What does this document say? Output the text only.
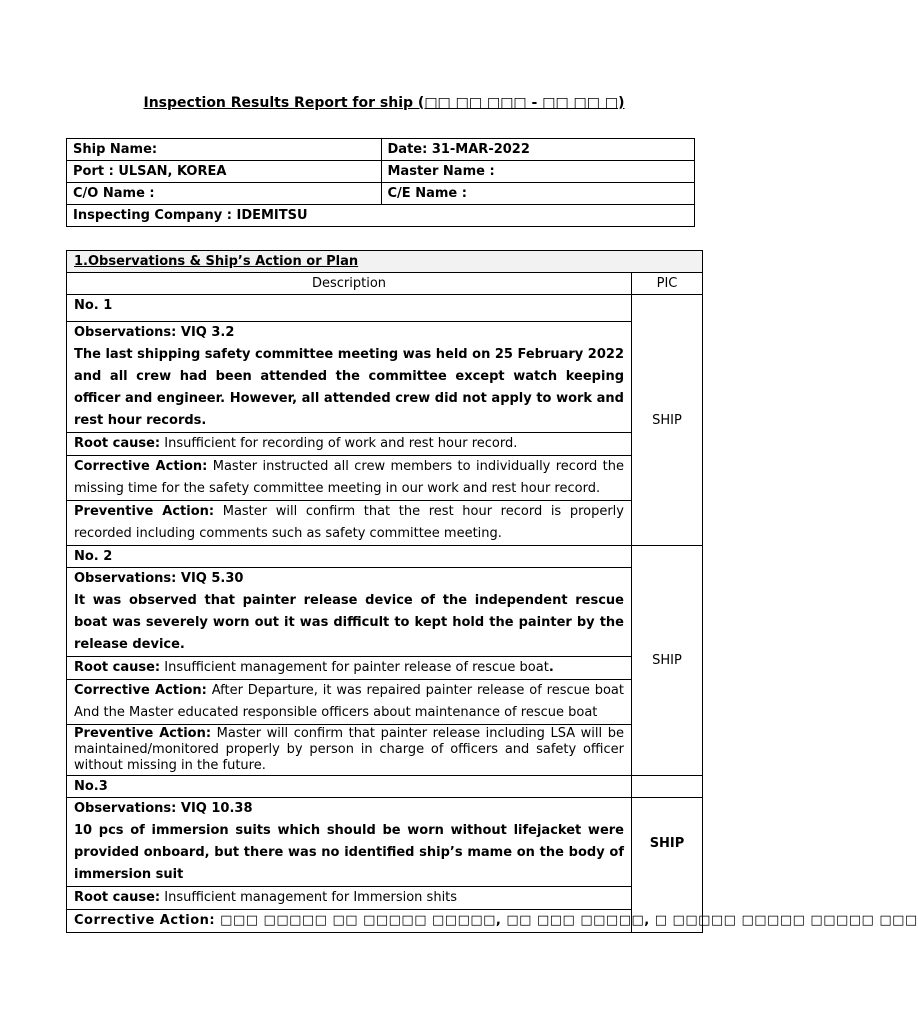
Inspection Results Report for ship (□□ □□ □□□ - □□ □□ □)
Ship Name:	Date: 31-MAR-2022
Port : ULSAN, KOREA	Master Name :
C/O Name :	C/E Name :
Inspecting Company : IDEMITSU	
1.Observations & Ship’s Action or Plan	
Description	PIC
No. 1	SHIP

Observations: VIQ 3.2
The last shipping safety committee meeting was held on 25 February 2022 and all crew had been attended the committee except watch keeping officer and engineer. However, all attended crew did not apply to work and rest hour records.	

Root cause: Insufficient for recording of work and rest hour record.	
Corrective Action: Master instructed all crew members to individually record the missing time for the safety committee meeting in our work and rest hour record.	
Preventive Action: Master will confirm that the rest hour record is properly recorded including comments such as safety committee meeting.	
No. 2	SHIP

Observations: VIQ 5.30
It was observed that painter release device of the independent rescue boat was severely worn out it was difficult to kept hold the painter by the release device.	

Root cause: Insufficient management for painter release of rescue boat.	
Corrective Action: After Departure, it was repaired painter release of rescue boat And the Master educated responsible officers about maintenance of rescue boat	
Preventive Action: Master will confirm that painter release including LSA will be maintained/monitored properly by person in charge of officers and safety officer without missing in the future.	
No.3	

Observations: VIQ 10.38
10 pcs of immersion suits which should be worn without lifejacket were provided onboard, but there was no identified ship’s mame on the body of immersion suit	SHIP
Root cause: Insufficient management for Immersion shits	
Corrective Action: □□□ □□□□□ □□ □□□□□ □□□□□, □□ □□□ □□□□□, □ □□□□□ □□□□□ □□□□□ □□□	
